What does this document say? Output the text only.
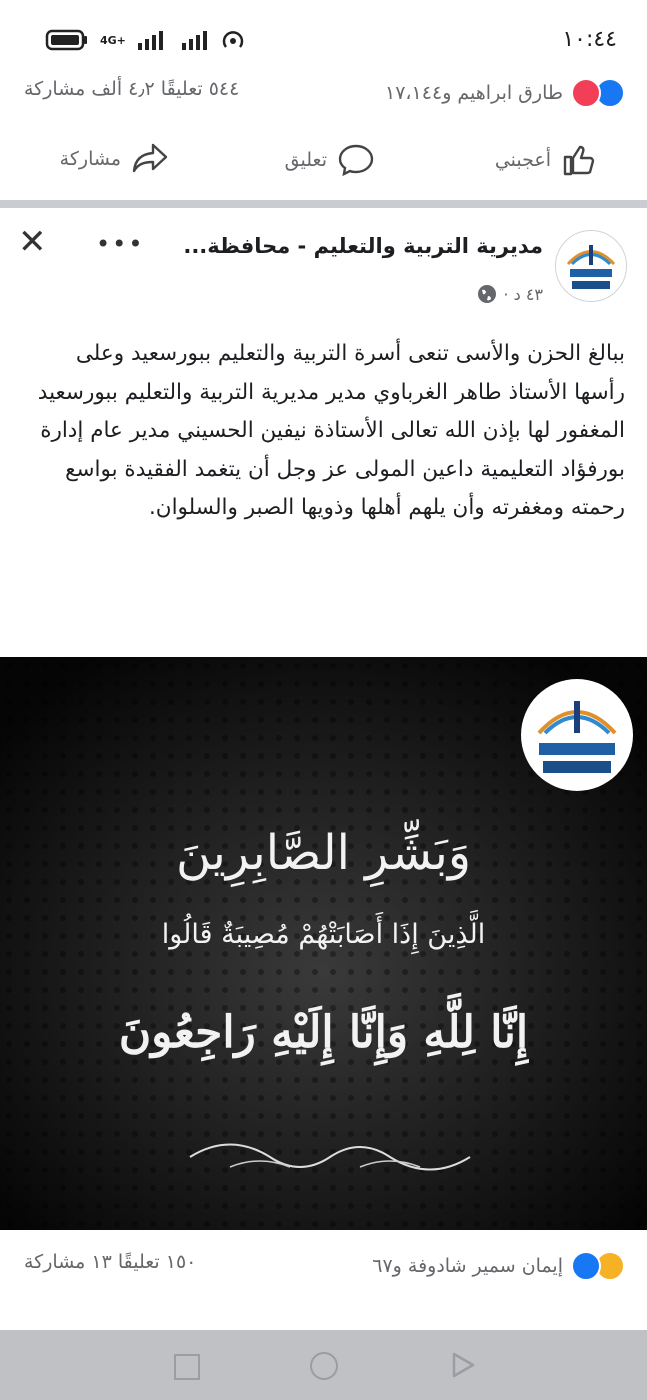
4G+	١٠:٤٤
طارق ابراهيم و١٧،١٤٤
٥٤٤ تعليقًا ٤٫٢ ألف مشاركة
أعجبني
تعليق
مشاركة
مديرية التربية والتعليم - محافظة...
٤٣ د ·
•••
✕
ببالغ الحزن والأسى تنعى أسرة التربية والتعليم ببورسعيد وعلى رأسها الأستاذ طاهر الغرباوي مدير مديرية التربية والتعليم ببورسعيد المغفور لها بإذن الله تعالى الأستاذة نيفين الحسيني مدير عام إدارة بورفؤاد التعليمية داعين المولى عز وجل أن يتغمد الفقيدة بواسع رحمته ومغفرته وأن يلهم أهلها وذويها الصبر والسلوان.
وَبَشِّرِ الصَّابِرِينَ
الَّذِينَ إِذَا أَصَابَتْهُمْ مُصِيبَةٌ قَالُوا
إِنَّا لِلَّهِ وَإِنَّا إِلَيْهِ رَاجِعُونَ
إيمان سمير شادوفة و٦٧
١٥٠ تعليقًا ١٣ مشاركة
